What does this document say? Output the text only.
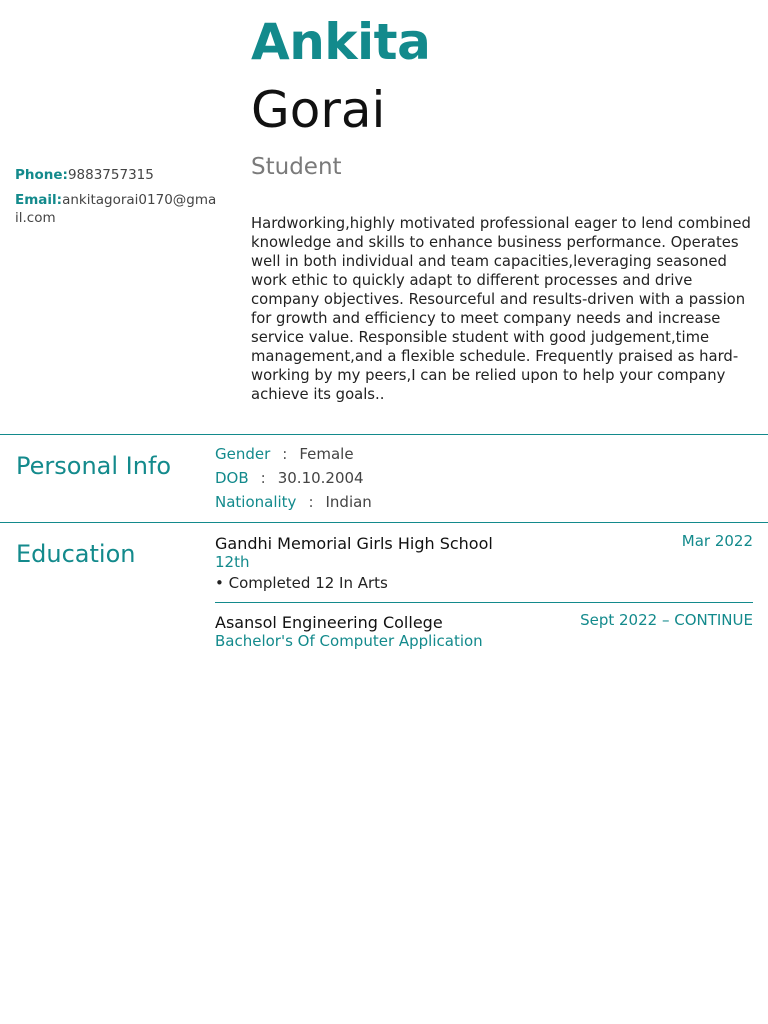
Ankita
Gorai
Student
Phone:9883757315
Email:ankitagorai0170@gmail.com	Hardworking,highly motivated professional eager to lend combined knowledge and skills to enhance business performance. Operates well in both individual and team capacities,leveraging seasoned work ethic to quickly adapt to different processes and drive company objectives. Resourceful and results-driven with a passion for growth and efficiency to meet company needs and increase service value. Responsible student with good judgement,time management,and a flexible schedule. Frequently praised as hard-working by my peers,I can be relied upon to help your company achieve its goals..

Personal Info	Gender : Female
DOB : 30.10.2004
Nationality : Indian
Education	Gandhi Memorial Girls High School	Mar 2022
12th
• Completed 12 In Arts
Asansol Engineering College	Sept 2022 – CONTINUE
Bachelor's Of Computer Application
